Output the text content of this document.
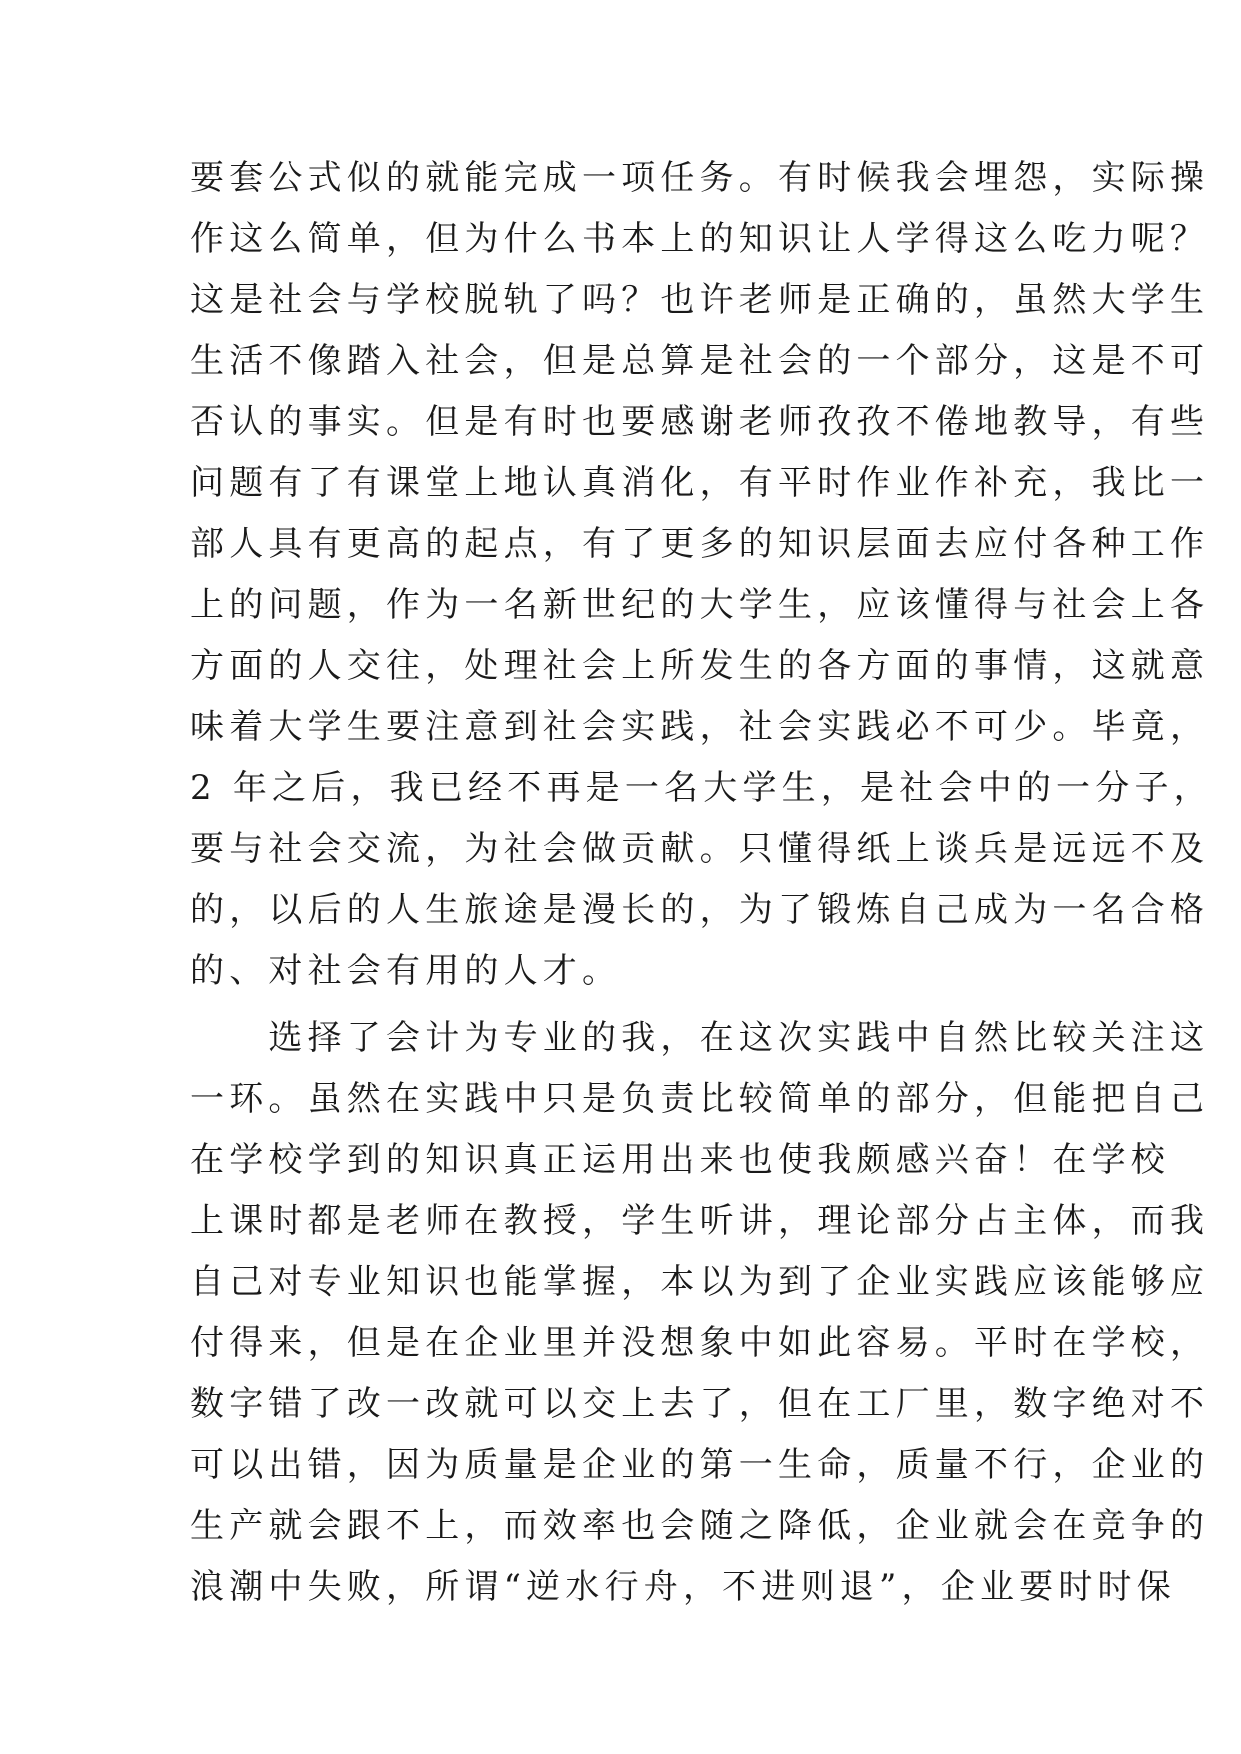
要套公式似的就能完成一项任务。有时候我会埋怨，实际操
作这么简单，但为什么书本上的知识让人学得这么吃力呢？
这是社会与学校脱轨了吗？也许老师是正确的，虽然大学生
生活不像踏入社会，但是总算是社会的一个部分，这是不可
否认的事实。但是有时也要感谢老师孜孜不倦地教导，有些
问题有了有课堂上地认真消化，有平时作业作补充，我比一
部人具有更高的起点，有了更多的知识层面去应付各种工作
上的问题，作为一名新世纪的大学生，应该懂得与社会上各
方面的人交往，处理社会上所发生的各方面的事情，这就意
味着大学生要注意到社会实践，社会实践必不可少。毕竟，
2 年之后，我已经不再是一名大学生，是社会中的一分子，
要与社会交流，为社会做贡献。只懂得纸上谈兵是远远不及
的，以后的人生旅途是漫长的，为了锻炼自己成为一名合格
的、对社会有用的人才。
　　选择了会计为专业的我，在这次实践中自然比较关注这
一环。虽然在实践中只是负责比较简单的部分，但能把自己
在学校学到的知识真正运用出来也使我颇感兴奋！在学校
上课时都是老师在教授，学生听讲，理论部分占主体，而我
自己对专业知识也能掌握，本以为到了企业实践应该能够应
付得来，但是在企业里并没想象中如此容易。平时在学校，
数字错了改一改就可以交上去了，但在工厂里，数字绝对不
可以出错，因为质量是企业的第一生命，质量不行，企业的
生产就会跟不上，而效率也会随之降低，企业就会在竞争的
浪潮中失败，所谓“逆水行舟，不进则退”，企业要时时保
